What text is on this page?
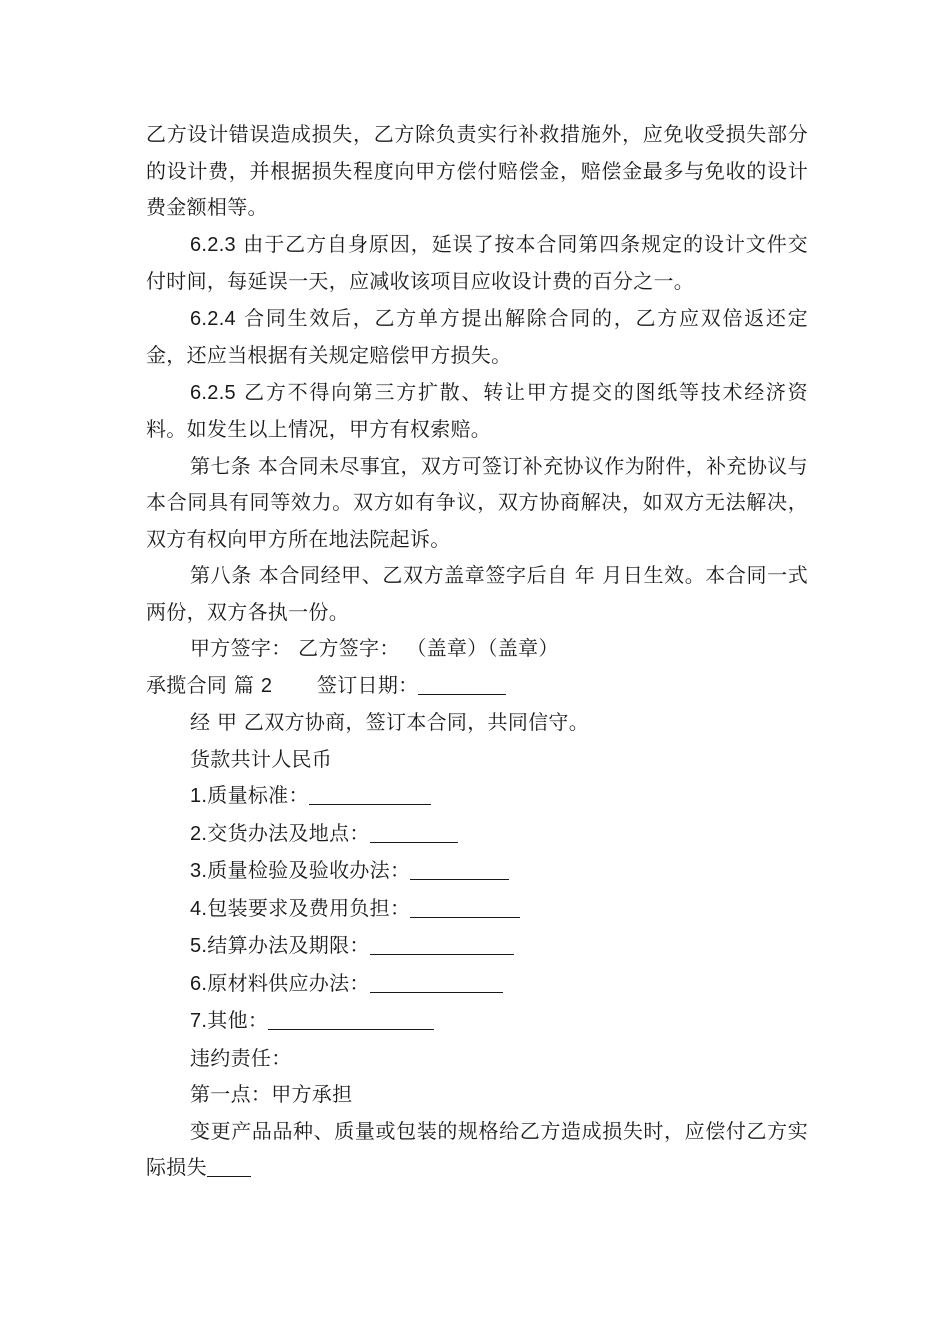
乙方设计错误造成损失，乙方除负责实行补救措施外，应免收受损失部分的设计费，并根据损失程度向甲方偿付赔偿金，赔偿金最多与免收的设计费金额相等。

6.2.3 由于乙方自身原因，延误了按本合同第四条规定的设计文件交付时间，每延误一天，应减收该项目应收设计费的百分之一。

6.2.4 合同生效后，乙方单方提出解除合同的，乙方应双倍返还定金，还应当根据有关规定赔偿甲方损失。

6.2.5 乙方不得向第三方扩散、转让甲方提交的图纸等技术经济资料。如发生以上情况，甲方有权索赔。

第七条 本合同未尽事宜，双方可签订补充协议作为附件，补充协议与本合同具有同等效力。双方如有争议，双方协商解决，如双方无法解决，双方有权向甲方所在地法院起诉。

第八条 本合同经甲、乙双方盖章签字后自 年 月日生效。本合同一式两份，双方各执一份。

甲方签字： 乙方签字： （盖章）（盖章）

承揽合同 篇 2 签订日期：

经 甲 乙双方协商，签订本合同，共同信守。

货款共计人民币

1.质量标准：

2.交货办法及地点：

3.质量检验及验收办法：

4.包装要求及费用负担：

5.结算办法及期限：

6.原材料供应办法：

7.其他：

违约责任：

第一点：甲方承担

变更产品品种、质量或包装的规格给乙方造成损失时，应偿付乙方实际损失
